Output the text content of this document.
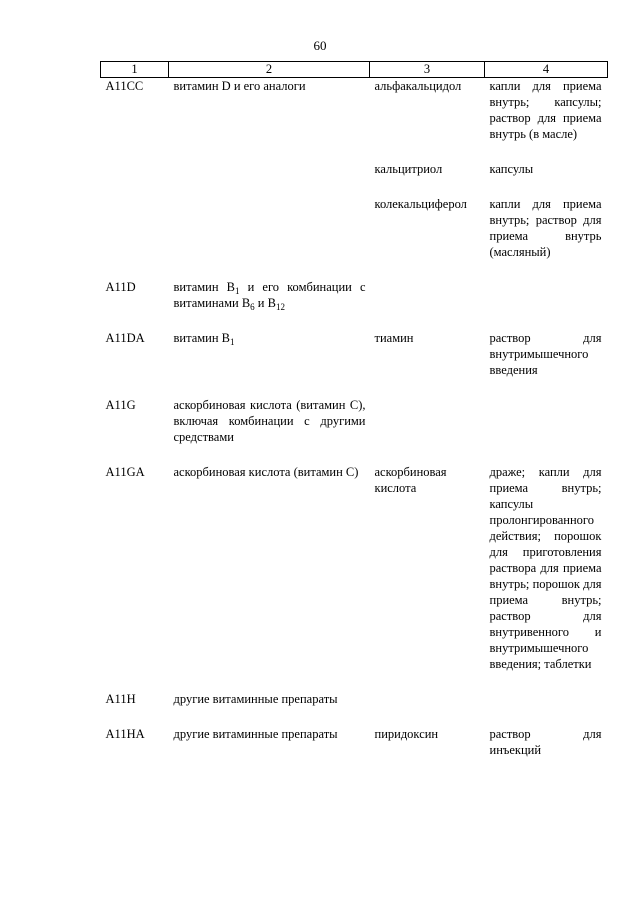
60
1	2	3	4
А11СС	витамин D и его аналоги	альфакальцидол	капли для приема внутрь; капсулы; раствор для приема внутрь (в масле)

		кальцитриол	капсулы

		колекальциферол	капли для приема внутрь; раствор для приема внутрь (масляный)

А11D	витамин $B_1$ и его комбинации с витаминами $B_6$ и $B_{12}$		

А11DА	витамин $B_1$	тиамин	раствор для внутримышечного введения

А11G	аскорбиновая кислота (витамин C), включая комбинации с другими средствами		

А11GА	аскорбиновая кислота (витамин C)	аскорбиновая кислота	драже; капли для приема внутрь; капсулы пролонгированного действия; порошок для приготовления раствора для приема внутрь; порошок для приема внутрь; раствор для внутривенного и внутримышечного введения; таблетки

А11Н	другие витаминные препараты		

А11НА	другие витаминные препараты	пиридоксин	раствор для инъекций
